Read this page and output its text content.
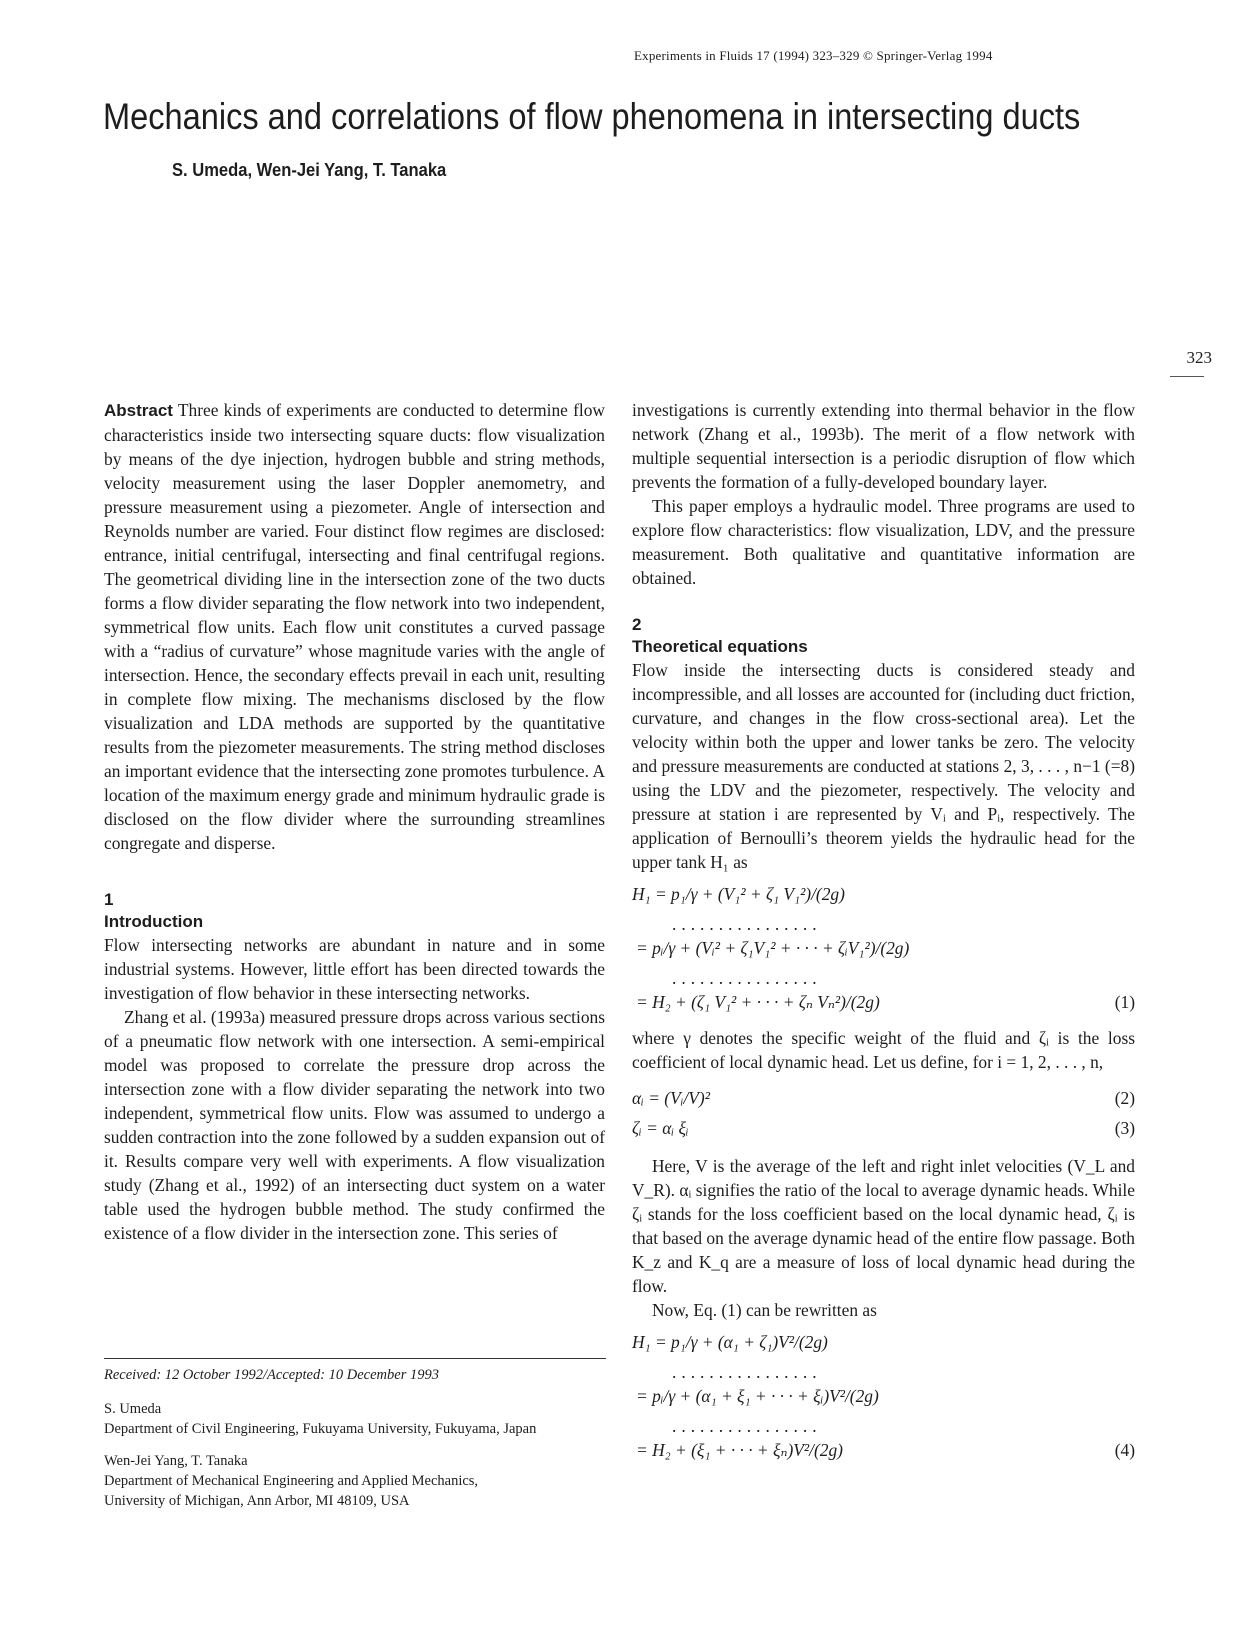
Experiments in Fluids 17 (1994) 323–329 © Springer-Verlag 1994
Mechanics and correlations of flow phenomena in intersecting ducts
S. Umeda, Wen-Jei Yang, T. Tanaka
323

Abstract Three kinds of experiments are conducted to determine flow characteristics inside two intersecting square ducts: flow visualization by means of the dye injection, hydrogen bubble and string methods, velocity measurement using the laser Doppler anemometry, and pressure measurement using a piezometer. Angle of intersection and Reynolds number are varied. Four distinct flow regimes are disclosed: entrance, initial centrifugal, intersecting and final centrifugal regions. The geometrical dividing line in the intersection zone of the two ducts forms a flow divider separating the flow network into two independent, symmetrical flow units. Each flow unit constitutes a curved passage with a “radius of curvature” whose magnitude varies with the angle of intersection. Hence, the secondary effects prevail in each unit, resulting in complete flow mixing. The mechanisms disclosed by the flow visualization and LDA methods are supported by the quantitative results from the piezometer measurements. The string method discloses an important evidence that the intersecting zone promotes turbulence. A location of the maximum energy grade and minimum hydraulic grade is disclosed on the flow divider where the surrounding streamlines congregate and disperse.

1
Introduction

Flow intersecting networks are abundant in nature and in some industrial systems. However, little effort has been directed towards the investigation of flow behavior in these intersecting networks.

Zhang et al. (1993a) measured pressure drops across various sections of a pneumatic flow network with one intersection. A semi-empirical model was proposed to correlate the pressure drop across the intersection zone with a flow divider separating the network into two independent, symmetrical flow units. Flow was assumed to undergo a sudden contraction into the zone followed by a sudden expansion out of it. Results compare very well with experiments. A flow visualization study (Zhang et al., 1992) of an intersecting duct system on a water table used the hydrogen bubble method. The study confirmed the existence of a flow divider in the intersection zone. This series of

investigations is currently extending into thermal behavior in the flow network (Zhang et al., 1993b). The merit of a flow network with multiple sequential intersection is a periodic disruption of flow which prevents the formation of a fully-developed boundary layer.

This paper employs a hydraulic model. Three programs are used to explore flow characteristics: flow visualization, LDV, and the pressure measurement. Both qualitative and quantitative information are obtained.

2
Theoretical equations

Flow inside the intersecting ducts is considered steady and incompressible, and all losses are accounted for (including duct friction, curvature, and changes in the flow cross-sectional area). Let the velocity within both the upper and lower tanks be zero. The velocity and pressure measurements are conducted at stations 2, 3, . . . , n−1 (=8) using the LDV and the piezometer, respectively. The velocity and pressure at station i are represented by Vᵢ and Pᵢ, respectively. The application of Bernoulli’s theorem yields the hydraulic head for the upper tank H₁ as

H₁ = p₁/γ + (V₁² + ζ₁ V₁²)/(2g)
................
= pᵢ/γ + (Vᵢ² + ζ₁V₁² + · · · + ζᵢV₁²)/(2g)
................
= H₂ + (ζ₁ V₁² + · · · + ζₙ Vₙ²)/(2g)	(1)

where γ denotes the specific weight of the fluid and ζᵢ is the loss coefficient of local dynamic head. Let us define, for i = 1, 2, . . . , n,

αᵢ = (Vᵢ/V)²	(2)
ζᵢ = αᵢ ξᵢ	(3)

Here, V is the average of the left and right inlet velocities (V_L and V_R). αᵢ signifies the ratio of the local to average dynamic heads. While ζᵢ stands for the loss coefficient based on the local dynamic head, ζᵢ is that based on the average dynamic head of the entire flow passage. Both K_z and K_q are a measure of loss of local dynamic head during the flow.

Now, Eq. (1) can be rewritten as

H₁ = p₁/γ + (α₁ + ζ₁)V²/(2g)
................
= pᵢ/γ + (α₁ + ξ₁ + · · · + ξᵢ)V²/(2g)
................
= H₂ + (ξ₁ + · · · + ξₙ)V²/(2g)	(4)
Received: 12 October 1992/Accepted: 10 December 1993
S. Umeda
Department of Civil Engineering, Fukuyama University, Fukuyama, Japan
Wen-Jei Yang, T. Tanaka
Department of Mechanical Engineering and Applied Mechanics,
University of Michigan, Ann Arbor, MI 48109, USA
